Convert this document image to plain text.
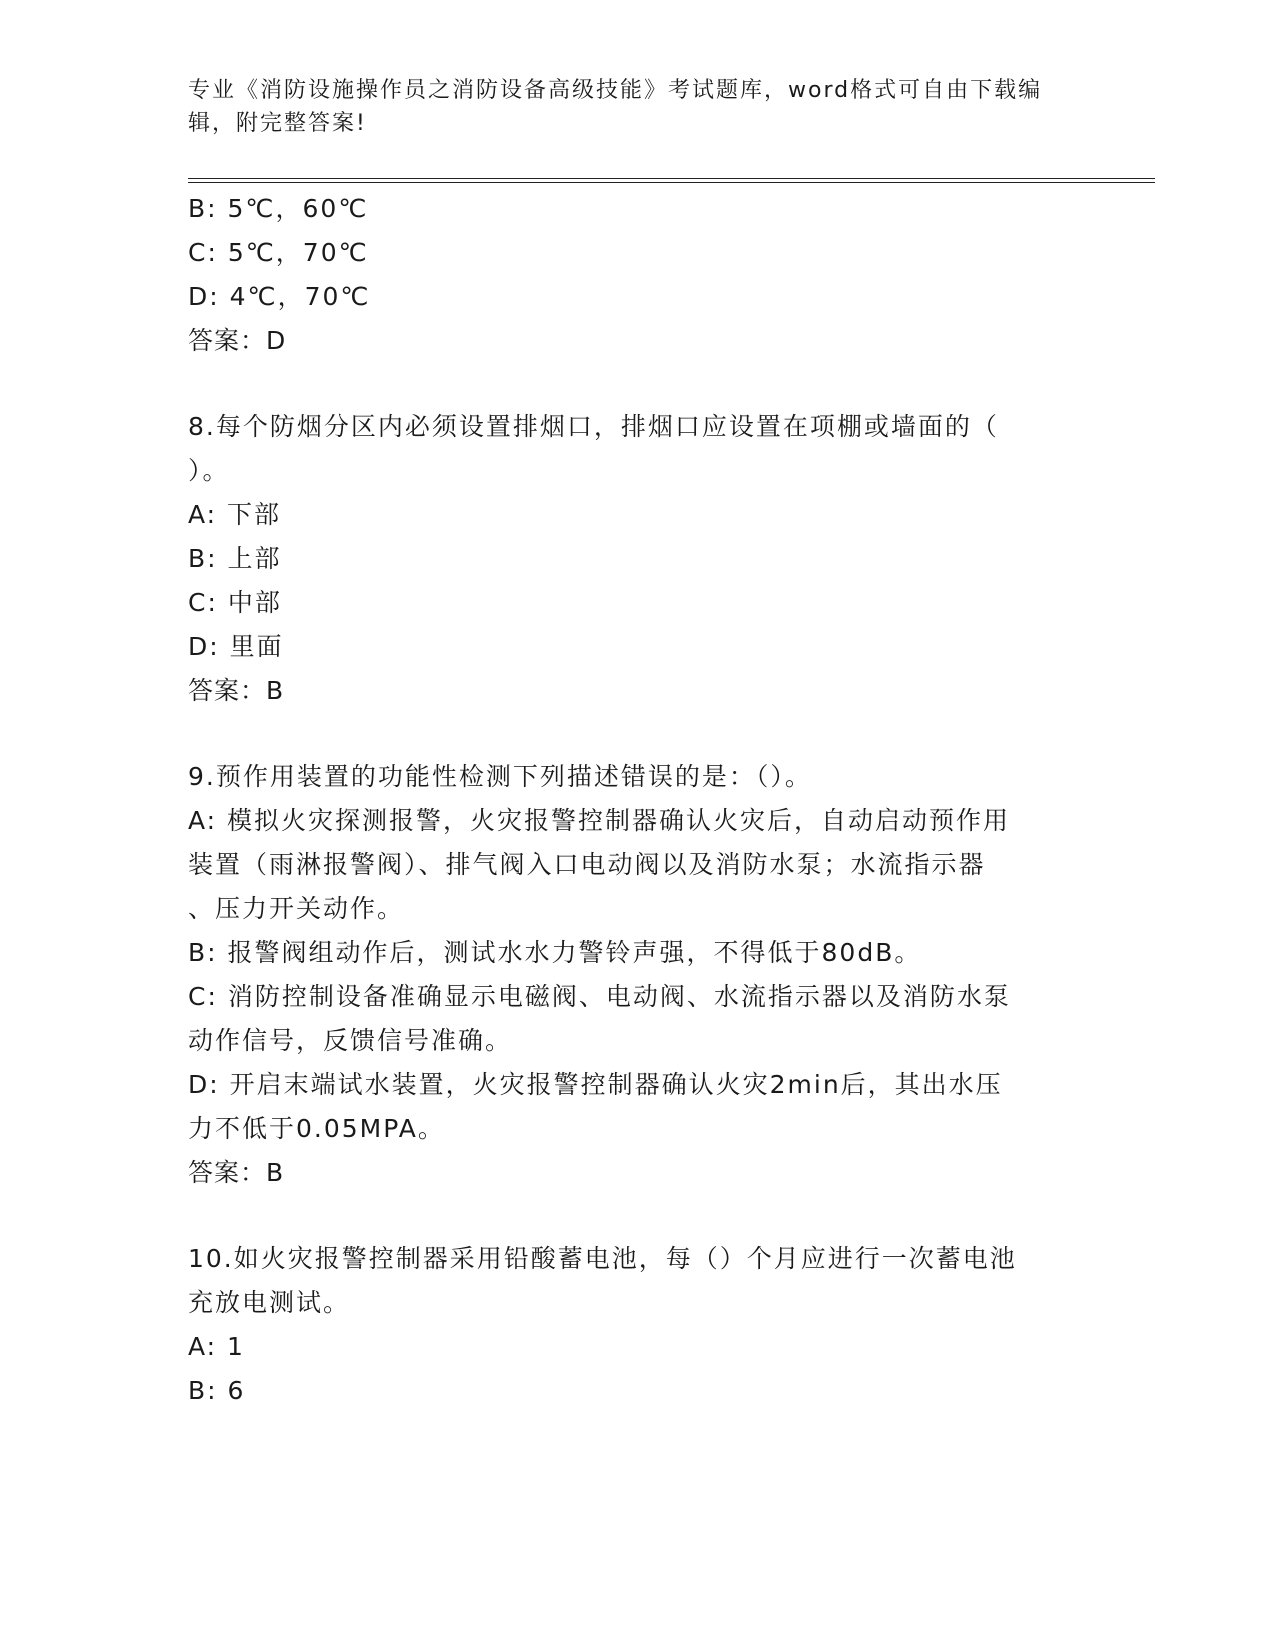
专业《消防设施操作员之消防设备高级技能》考试题库，word格式可自由下载编
辑，附完整答案!
B: 5℃，60℃
C: 5℃，70℃
D: 4℃，70℃
答案：D
8.每个防烟分区内必须设置排烟口，排烟口应设置在项棚或墙面的（
）。
A: 下部
B: 上部
C: 中部
D: 里面
答案：B
9.预作用装置的功能性检测下列描述错误的是：（）。
A: 模拟火灾探测报警，火灾报警控制器确认火灾后，自动启动预作用
装置（雨淋报警阀）、排气阀入口电动阀以及消防水泵；水流指示器
、压力开关动作。
B: 报警阀组动作后，测试水水力警铃声强，不得低于80dB。
C: 消防控制设备准确显示电磁阀、电动阀、水流指示器以及消防水泵
动作信号，反馈信号准确。
D: 开启末端试水装置，火灾报警控制器确认火灾2min后，其出水压
力不低于0.05MPA。
答案：B
10.如火灾报警控制器采用铅酸蓄电池，每（）个月应进行一次蓄电池
充放电测试。
A: 1
B: 6
